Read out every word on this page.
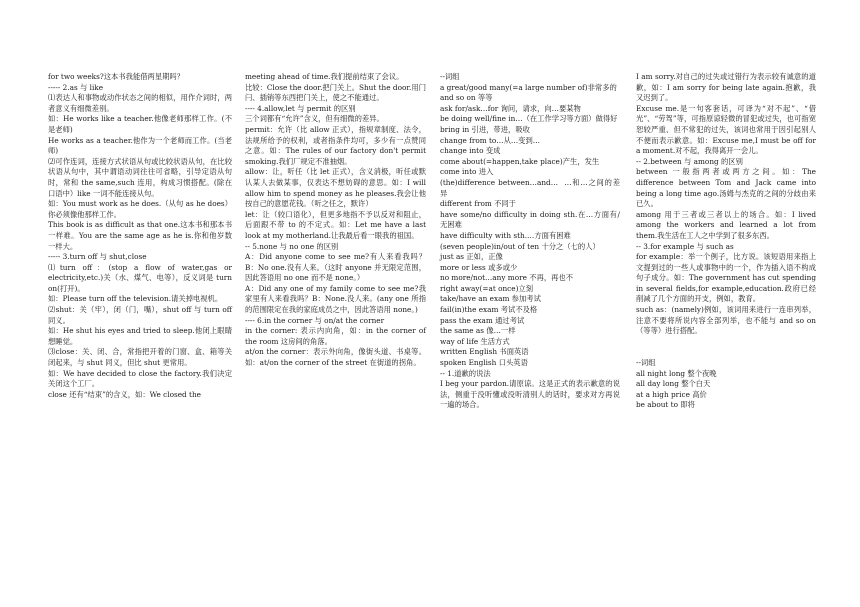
for two weeks?这本书我能借两星期吗？
----- 2.as 与 like
⑴表达人和事物或动作状态之间的相似，用作介词时，两者意义有细微差别。
如：He works like a teacher.他像老师那样工作。(不是老师)
He works as a teacher.他作为一个老师而工作。(当老师)
⑵可作连词，连接方式状语从句或比较状语从句，在比较状语从句中，其中谓语动词往往可省略，引导定语从句时，常和 the same,such 连用，构成习惯搭配。(除在口语中）like 一词不能连接从句。
如：You must work as he does.（从句 as he does）你必须像他那样工作。
This book is as difficult as that one.这本书和那本书一样难。You are the same age as he is.你和他岁数一样大。
----- 3.turn off 与 shut,close
⑴turn off：(stop a flow of water,gas or electricity,etc.)关（水、煤气、电等），反义词是 turn on(打开)。
如：Please turn off the television.请关掉电视机。
⑵shut：关（牢），闭（门，嘴），shut off 与 turn off 同义。
如：He shut his eyes and tried to sleep.他闭上眼睛想睡觉。
⑶close：关、闭、合，常指把开着的门窗、盒、箱等关闭起来，与 shut 同义，但比 shut 更常用。
如：We have decided to close the factory.我们决定关闭这个工厂。
close 还有“结束”的含义，如：We closed the
meeting ahead of time.我们提前结束了会议。
比较：Close the door.把门关上。Shut the door.用门闩、插销等东西把门关上，使之不能通过。
---- 4.allow,let 与 permit 的区别
三个词都有“允许”含义，但有细微的差异。
permit：允许（比 allow 正式），指规章制度、法令，法规所给予的权利，或者指条件均可，多少有一点赞同之意。如：The rules of our factory don't permit smoking.我们厂规定不准抽烟。
allow：让，听任（比 let 正式），含义消极，听任或默认某人去做某事，仅表达不想妨碍的意思。如：I will allow him to spend money as he pleases.我会让他按自己的意愿花钱。（听之任之，默许）
let：让（较口语化），但更多地指不予以反对和阻止，后面跟不带 to 的不定式。如：Let me have a last look at my motherland.让我最后看一眼我的祖国。
-- 5.none 与 no one 的区别
A：Did anyone come to see me?有人来看我吗？B：No one.没有人来。（这时 anyone 并无限定范围，因此答语用 no one 而不是 none。）
A：Did any one of my family come to see me?我家里有人来看我吗？B：None.没人来。(any one 所指的范围限定在我的家庭成员之中，因此答语用 none。)
---- 6.in the corner 与 on/at the corner
in the corner: 表示内向角，如：in the corner of the room 这房间的角落。
at/on the corner：表示外向角，像街头道、书桌等。如：at/on the corner of the street 在街道的拐角。
--词组
a great/good many(=a large number of)非常多的
and so on 等等
ask for/ask…for 询问，请求，向…要某物
be doing well/fine in…（在工作学习等方面）做得好
bring in 引进，带进，吸收
change from to…从…变到…
change into 变成
come about(=happen,take place)产生，发生
come into 进入
(the)difference between…and…  …和…之间的差异
different from 不同于
have some/no difficulty in doing sth.在…方面有/无困难
have difficulty with sth.…方面有困难
(seven people)in/out of ten 十分之（七的人）
just as 正如，正像
more or less 或多或少
no more/not…any more 不再，再也不
right away(=at once)立刻
take/have an exam 参加考试
fail(in)the exam 考试不及格
pass the exam 通过考试
the same as 像…一样
way of life 生活方式
written English 书面英语
spoken English 口头英语
-- 1.道歉的说法
I beg your pardon.请原谅。这是正式的表示歉意的说法，侧重于没听懂或没听清别人的话时，要求对方再说一遍的场合。
I am sorry.对自己的过失或过错行为表示较有诚意的道歉，如：I am sorry for being late again.抱歉，我又迟到了。
Excuse me.是一句客套话，可译为“对不起”、“借光”、“劳驾”等，可指原谅轻微的冒犯或过失，也可指宽恕较严重、但不常犯的过失，该词也常用于因引起别人不便而表示歉意。如：Excuse me,I must be off for a moment.对不起，我得离开一会儿。
-- 2.between 与 among 的区别
between 一般指两者或两方之间。如：The difference between Tom and Jack came into being a long time ago.汤姆与杰克的之间的分歧由来已久。
among 用于三者或三者以上的场合。如：I lived among the workers and learned a lot from them.我生活在工人之中学到了很多东西。
-- 3.for example 与 such as
for example：举一个例子，比方说。该短语用来指上文提到过的一些人或事物中的一个，作为插入语不构成句子成分。如：The government has cut spending in several fields,for example,education.政府已经削减了几个方面的开支，例如，教育。
such as：(namely)例如，该词用来进行一连串列举，注意不要将所说内容全部列举，也不能与 and so on （等等）进行搭配。
--词组
all night long 整个夜晚
all day long 整个白天
at a high price 高价
be about to 即将
